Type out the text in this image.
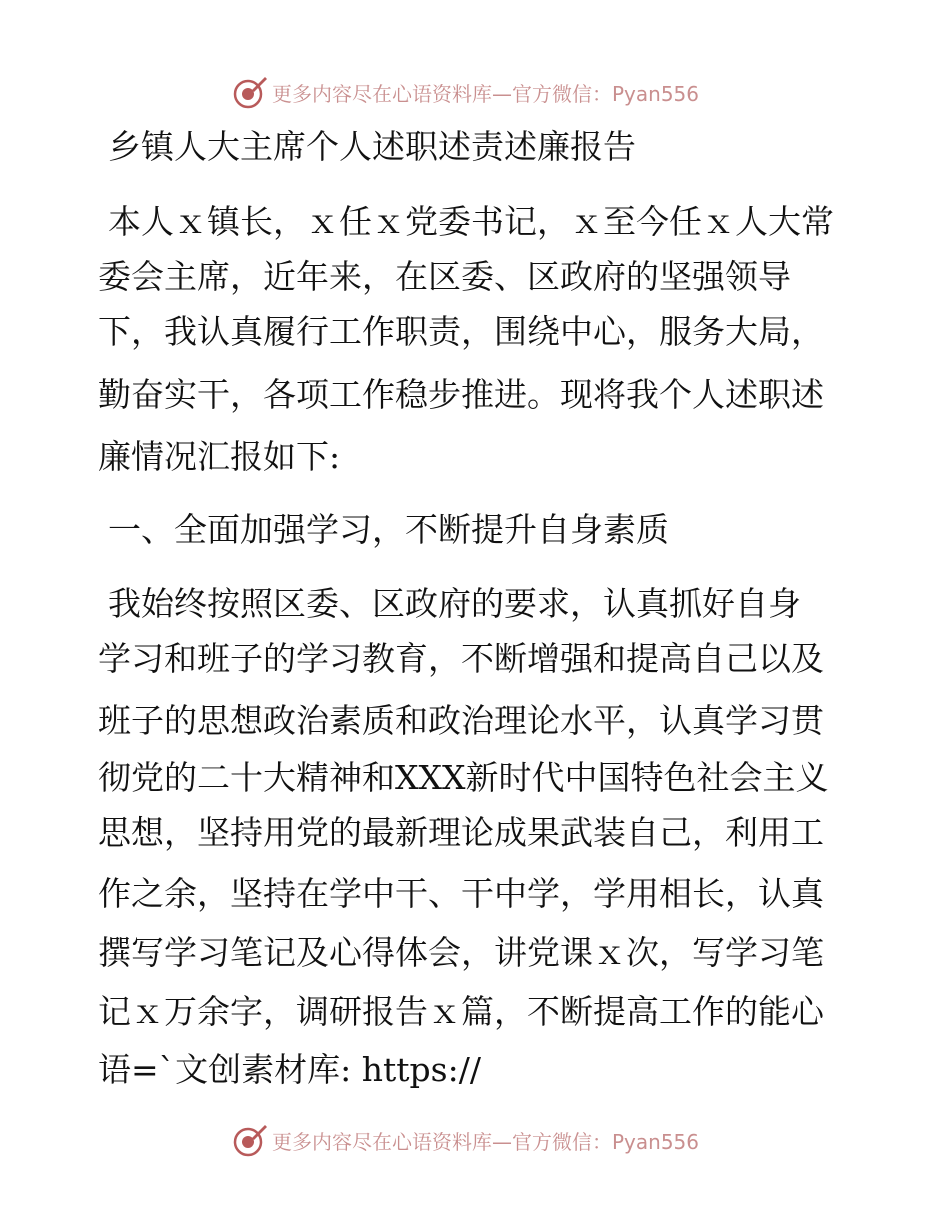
更多内容尽在心语资料库—官方微信：Pyan556
乡镇人大主席个人述职述责述廉报告
本人ｘ镇长，ｘ任ｘ党委书记，ｘ至今任ｘ人大常
委会主席，近年来，在区委、区政府的坚强领导
下，我认真履行工作职责，围绕中心，服务大局，
勤奋实干，各项工作稳步推进。现将我个人述职述
廉情况汇报如下:
一、全面加强学习，不断提升自身素质
我始终按照区委、区政府的要求，认真抓好自身
学习和班子的学习教育，不断增强和提高自己以及
班子的思想政治素质和政治理论水平，认真学习贯
彻党的二十大精神和XXX新时代中国特色社会主义
思想，坚持用党的最新理论成果武装自己，利用工
作之余，坚持在学中干、干中学，学用相长，认真
撰写学习笔记及心得体会，讲党课ｘ次，写学习笔
记ｘ万余字，调研报告ｘ篇，不断提高工作的能心
语=`文创素材库: https://
更多内容尽在心语资料库—官方微信：Pyan556
